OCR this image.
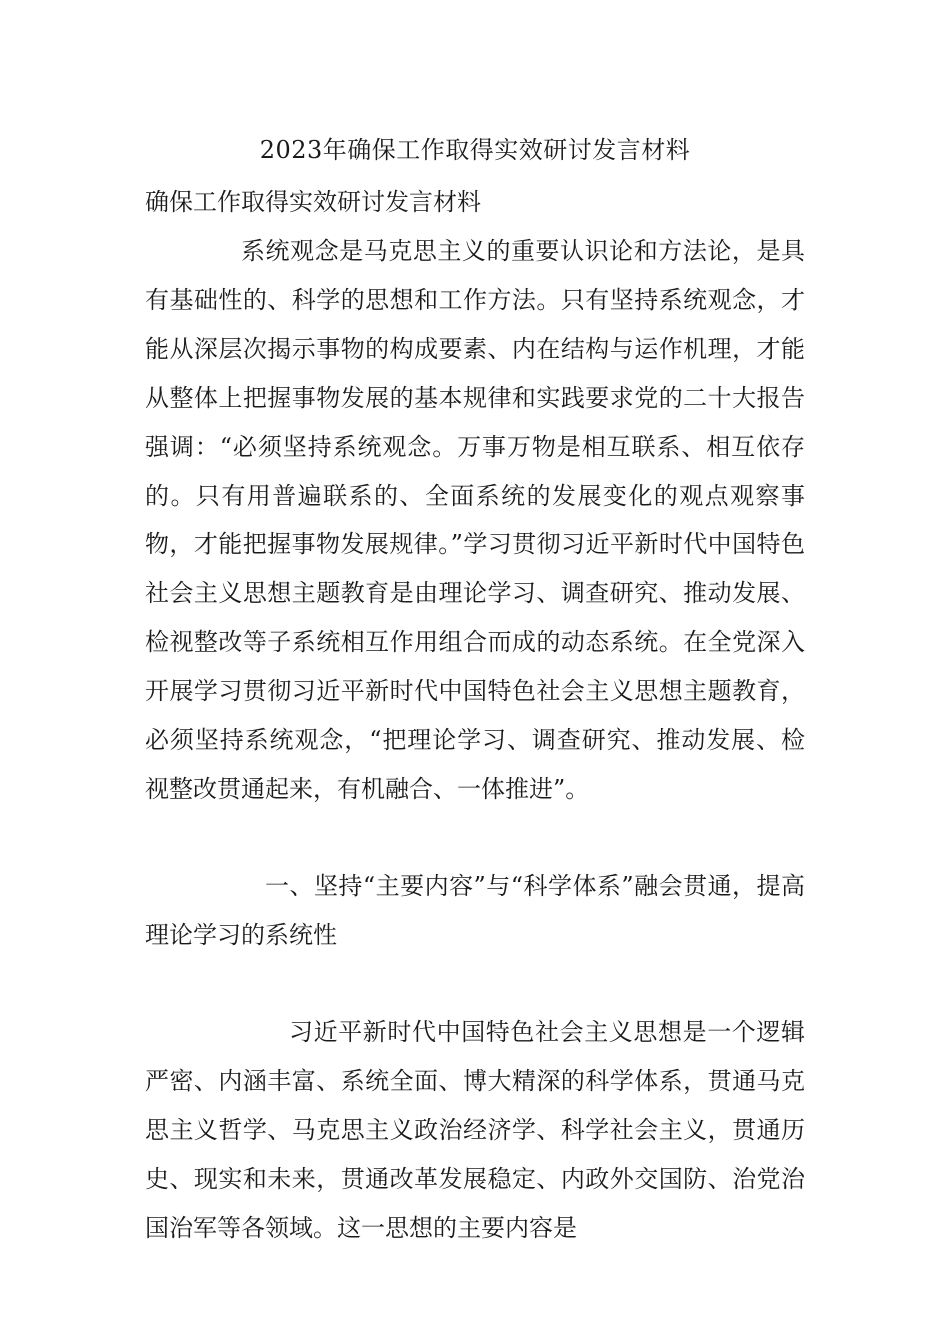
2023年确保工作取得实效研讨发言材料
确保工作取得实效研讨发言材料

系统观念是马克思主义的重要认识论和方法论，是具有基础性的、科学的思想和工作方法。只有坚持系统观念，才能从深层次揭示事物的构成要素、内在结构与运作机理，才能从整体上把握事物发展的基本规律和实践要求党的二十大报告强调：“必须坚持系统观念。万事万物是相互联系、相互依存的。只有用普遍联系的、全面系统的发展变化的观点观察事物，才能把握事物发展规律。”学习贯彻习近平新时代中国特色社会主义思想主题教育是由理论学习、调查研究、推动发展、检视整改等子系统相互作用组合而成的动态系统。在全党深入开展学习贯彻习近平新时代中国特色社会主义思想主题教育，必须坚持系统观念，“把理论学习、调查研究、推动发展、检视整改贯通起来，有机融合、一体推进”。

一、坚持“主要内容”与“科学体系”融会贯通，提高理论学习的系统性

习近平新时代中国特色社会主义思想是一个逻辑严密、内涵丰富、系统全面、博大精深的科学体系，贯通马克思主义哲学、马克思主义政治经济学、科学社会主义，贯通历史、现实和未来，贯通改革发展稳定、内政外交国防、治党治国治军等各领域。这一思想的主要内容是
